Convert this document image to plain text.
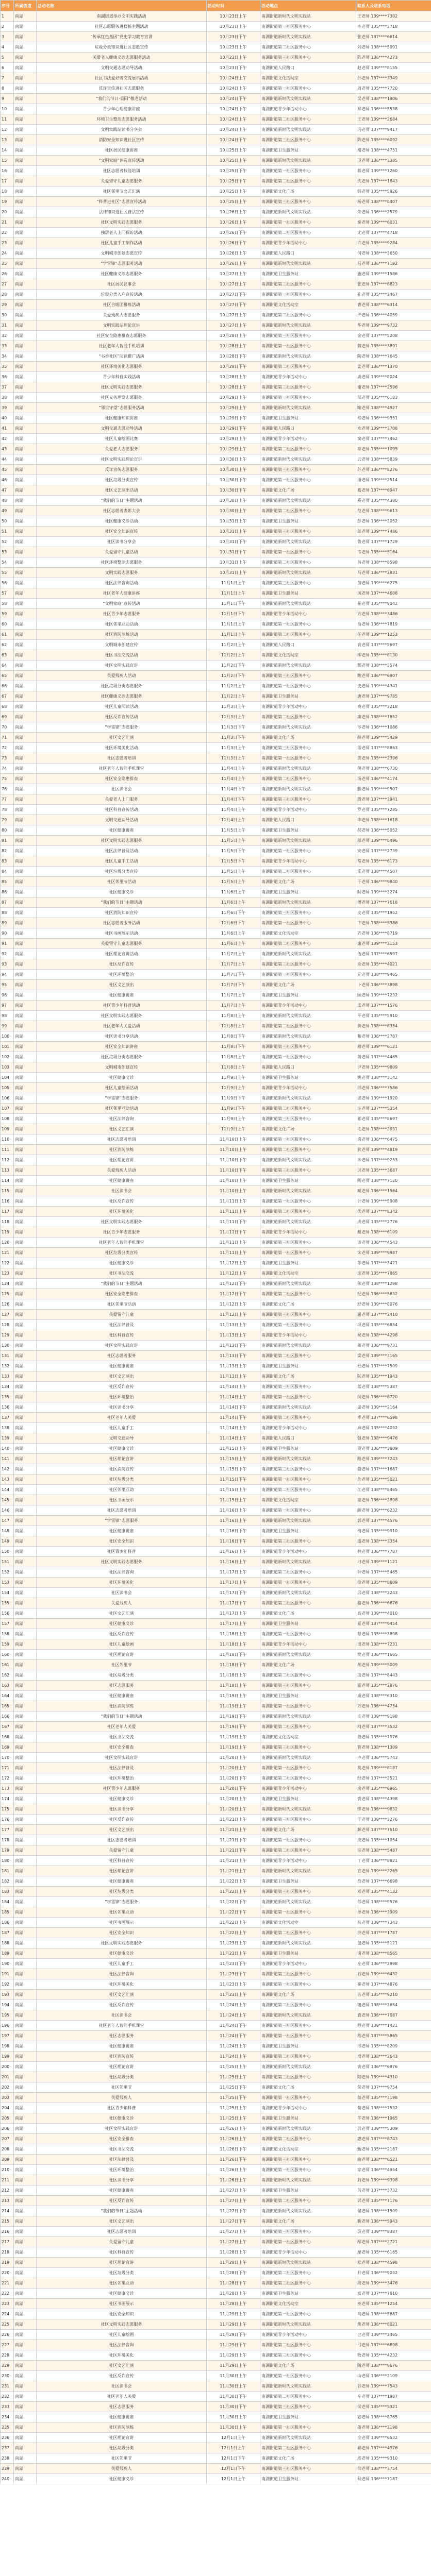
序号	所属街道	活动名称	活动时间	活动地点	联系人及联系电话
1	南湖	南湖街道举办文明实践活动	10月23日上午	南湖街道新时代文明实践站	王老师 139****7302
2	南湖	社区志愿服务进楼栋主题活动	10月23日上午	南湖街道第一社区服务中心	李老师 135****2718
3	南湖	“传承红色基因”党史学习教育宣讲	10月23日下午	南湖街道新时代文明实践站	张老师 137****6614
4	南湖	垃圾分类知识进社区志愿宣传	10月23日上午	南湖街道第二社区服务中心	刘老师 138****5091
5	南湖	关爱老人健康义诊志愿服务活动	10月23日上午	南湖街道第三社区服务中心	陈老师 136****4273
6	南湖	文明交通志愿劝导活动	10月23日下午	南湖街道人民路口	赵老师 139****8155
7	南湖	社区书法爱好者交流展示活动	10月24日上午	南湖街道文化活动室	孙老师 137****3349
8	南湖	反诈宣传进社区志愿服务	10月24日上午	南湖街道第一社区服务中心	周老师 135****7720
9	南湖	“我们的节日·重阳”敬老活动	10月24日下午	南湖街道新时代文明实践站	吴老师 138****1906
10	南湖	青少年心理健康讲座	10月24日下午	南湖街道青少年活动中心	郑老师 136****5538
11	南湖	环境卫生整治志愿服务活动	10月24日上午	南湖街道第二社区服务中心	王老师 139****2684
12	南湖	文明实践站读书分享会	10月24日上午	南湖街道新时代文明实践站	冯老师 137****9417
13	南湖	消防安全知识进社区宣传	10月24日下午	南湖街道第三社区服务中心	陈老师 135****6092
14	南湖	社区居民健康讲座	10月25日上午	南湖街道卫生服务站	褚老师 138****4751
15	南湖	“文明家庭”评选宣传活动	10月25日上午	南湖街道新时代文明实践站	卫老师 136****3385
16	南湖	社区志愿者技能培训	10月25日下午	南湖街道第一社区服务中心	蒋老师 139****7260
17	南湖	关爱留守儿童志愿服务	10月25日下午	南湖街道第二社区服务中心	沈老师 137****1843
18	南湖	社区邻里节文艺汇演	10月25日上午	南湖街道文化广场	韩老师 135****5926
19	南湖	“科普进社区”志愿宣传活动	10月25日上午	南湖街道第三社区服务中心	杨老师 138****8407
20	南湖	法律知识进社区普法宣传	10月26日上午	南湖街道新时代文明实践站	朱老师 136****2579
21	南湖	社区文明实践志愿服务	10月26日上午	南湖街道第一社区服务中心	秦老师 139****6031
22	南湖	独居老人上门探访活动	10月26日下午	南湖街道第二社区服务中心	尤老师 137****4718
23	南湖	社区儿童手工制作活动	10月26日下午	南湖街道青少年活动中心	许老师 135****9284
24	南湖	文明城市创建志愿宣传	10月26日上午	南湖街道人民路口	何老师 138****3650
25	南湖	“学雷锋”志愿服务活动	10月26日上午	南湖街道新时代文明实践站	吕老师 136****7192
26	南湖	社区健康义诊志愿服务	10月27日上午	南湖街道卫生服务站	施老师 139****1586
27	南湖	社区居民议事会	10月27日上午	南湖街道第三社区服务中心	张老师 137****8823
28	南湖	垃圾分类入户宣传活动	10月27日下午	南湖街道第一社区服务中心	孔老师 135****2467
29	南湖	社区合唱团排练活动	10月27日下午	南湖街道文化活动室	曹老师 138****6314
30	南湖	关爱残疾人志愿服务	10月27日上午	南湖街道第二社区服务中心	严老师 136****4059
31	南湖	文明实践站理论宣讲	10月27日上午	南湖街道新时代文明实践站	华老师 139****9732
32	南湖	社区安全隐患排查志愿服务	10月28日上午	南湖街道第三社区服务中心	金老师 137****5208
33	南湖	社区老年人智能手机培训	10月28日上午	南湖街道第一社区服务中心	魏老师 135****3891
34	南湖	“书香社区”阅读推广活动	10月28日下午	南湖街道新时代文明实践站	陶老师 138****7645
35	南湖	社区环境美化志愿服务	10月28日下午	南湖街道第二社区服务中心	姜老师 136****1370
36	南湖	青少年科普实践活动	10月28日上午	南湖街道青少年活动中心	戚老师 139****8024
37	南湖	社区文明实践志愿服务	10月28日上午	南湖街道第三社区服务中心	谢老师 137****2596
38	南湖	社区义务理发志愿服务	10月29日上午	南湖街道第一社区服务中心	邹老师 135****6183
39	南湖	“邻里守望”志愿服务活动	10月29日上午	南湖街道新时代文明实践站	喻老师 138****4927
40	南湖	社区健康知识讲座	10月29日下午	南湖街道卫生服务站	柏老师 136****9351
41	南湖	文明交通志愿劝导活动	10月29日下午	南湖街道人民路口	水老师 139****3708
42	南湖	社区儿童绘画比赛	10月29日上午	南湖街道青少年活动中心	窦老师 137****7462
43	南湖	关爱老人志愿服务	10月29日上午	南湖街道第二社区服务中心	章老师 135****1095
44	南湖	社区文明实践理论宣讲	10月30日上午	南湖街道新时代文明实践站	云老师 138****5839
45	南湖	反诈宣传志愿服务	10月30日上午	南湖街道第三社区服务中心	苏老师 136****8276
46	南湖	社区垃圾分类宣传	10月30日下午	南湖街道第一社区服务中心	潘老师 139****2514
47	南湖	社区文艺演出活动	10月30日下午	南湖街道文化广场	葛老师 137****6947
48	南湖	“我们的节日”主题活动	10月30日上午	南湖街道新时代文明实践站	奚老师 135****4380
49	南湖	社区志愿者表彰大会	10月30日上午	南湖街道第二社区服务中心	范老师 138****9613
50	南湖	社区健康义诊活动	10月31日上午	南湖街道卫生服务站	彭老师 136****3052
51	南湖	社区安全知识宣传	10月31日上午	南湖街道第三社区服务中心	郎老师 139****7486
52	南湖	社区读书分享会	10月31日下午	南湖街道新时代文明实践站	鲁老师 137****1729
53	南湖	关爱留守儿童活动	10月31日下午	南湖街道第一社区服务中心	韦老师 135****5164
54	南湖	社区环境整治志愿服务	10月31日上午	南湖街道第二社区服务中心	昌老师 138****8598
55	南湖	文明实践志愿服务	10月31日上午	南湖街道新时代文明实践站	马老师 136****2831
56	南湖	社区法律咨询活动	11月1日上午	南湖街道第三社区服务中心	苗老师 139****6275
57	南湖	社区老年人健康讲座	11月1日上午	南湖街道卫生服务站	凤老师 137****4608
58	南湖	“文明家庭”宣传活动	11月1日下午	南湖街道新时代文明实践站	花老师 135****9042
59	南湖	社区青少年志愿服务	11月1日下午	南湖街道青少年活动中心	方老师 138****3486
60	南湖	社区邻里互助活动	11月1日上午	南湖街道第一社区服务中心	俞老师 136****7819
61	南湖	社区消防演练活动	11月1日上午	南湖街道第二社区服务中心	任老师 139****1253
62	南湖	文明城市创建宣传	11月2日上午	南湖街道人民路口	袁老师 137****5697
63	南湖	社区书法交流活动	11月2日上午	南湖街道文化活动室	柳老师 135****8130
64	南湖	社区文明实践宣讲	11月2日下午	南湖街道新时代文明实践站	酆老师 138****2574
65	南湖	关爱残疾人活动	11月2日下午	南湖街道第三社区服务中心	鲍老师 136****6907
66	南湖	社区垃圾分类志愿服务	11月2日上午	南湖街道第一社区服务中心	史老师 139****4341
67	南湖	社区健康义诊志愿服务	11月2日上午	南湖街道卫生服务站	唐老师 137****9785
68	南湖	社区儿童阅读活动	11月3日上午	南湖街道青少年活动中心	费老师 135****3218
69	南湖	社区反诈宣传活动	11月3日上午	南湖街道第二社区服务中心	廉老师 138****7652
70	南湖	“学雷锋”志愿服务	11月3日下午	南湖街道新时代文明实践站	岑老师 136****1086
71	南湖	社区文艺汇演	11月3日下午	南湖街道文化广场	薛老师 139****5429
72	南湖	社区环境美化活动	11月3日上午	南湖街道第三社区服务中心	雷老师 137****8863
73	南湖	社区志愿者培训	11月3日上午	南湖街道第一社区服务中心	贺老师 135****2396
74	南湖	社区老年人智能手机课堂	11月4日上午	南湖街道新时代文明实践站	倪老师 138****6730
75	南湖	社区安全隐患排查	11月4日上午	南湖街道第二社区服务中心	汤老师 136****4174
76	南湖	社区读书会	11月4日下午	南湖街道新时代文明实践站	滕老师 139****9507
77	南湖	关爱老人上门服务	11月4日下午	南湖街道第三社区服务中心	殷老师 137****3941
78	南湖	社区科普宣传活动	11月4日上午	南湖街道青少年活动中心	罗老师 135****7285
79	南湖	文明交通劝导活动	11月4日上午	南湖街道人民路口	毕老师 138****1618
80	南湖	社区健康讲座	11月5日上午	南湖街道卫生服务站	郝老师 136****5052
81	南湖	社区文明实践志愿服务	11月5日上午	南湖街道新时代文明实践站	邬老师 139****8496
82	南湖	社区法律普及活动	11月5日下午	南湖街道第一社区服务中心	安老师 137****2739
83	南湖	社区儿童手工活动	11月5日下午	南湖街道青少年活动中心	常老师 135****6173
84	南湖	社区垃圾分类宣传	11月5日上午	南湖街道第二社区服务中心	乐老师 138****4507
85	南湖	社区邻里节活动	11月5日上午	南湖街道文化广场	于老师 136****9840
86	南湖	社区健康义诊	11月6日上午	南湖街道卫生服务站	时老师 139****3274
87	南湖	“我们的节日”主题活动	11月6日上午	南湖街道新时代文明实践站	傅老师 137****7618
88	南湖	社区消防知识宣传	11月6日下午	南湖街道第三社区服务中心	皮老师 135****1952
89	南湖	社区志愿者服务活动	11月6日下午	南湖街道第一社区服务中心	卞老师 138****5386
90	南湖	社区书画展示活动	11月6日上午	南湖街道文化活动室	齐老师 136****8719
91	南湖	关爱留守儿童志愿服务	11月6日上午	南湖街道第二社区服务中心	康老师 139****2153
92	南湖	社区理论宣讲活动	11月7日上午	南湖街道新时代文明实践站	伍老师 137****6597
93	南湖	社区反诈宣传	11月7日上午	南湖街道第三社区服务中心	余老师 135****4021
94	南湖	社区环境整治	11月7日下午	南湖街道第一社区服务中心	元老师 138****9465
95	南湖	社区文艺演出	11月7日下午	南湖街道文化广场	卜老师 136****3898
96	南湖	社区健康讲座	11月7日上午	南湖街道卫生服务站	顾老师 139****7232
97	南湖	社区青少年科普活动	11月7日上午	南湖街道青少年活动中心	孟老师 137****1576
98	南湖	社区文明实践志愿服务	11月8日上午	南湖街道新时代文明实践站	平老师 135****5910
99	南湖	社区老年人关爱活动	11月8日上午	南湖街道第二社区服务中心	黄老师 138****8354
100	南湖	社区读书分享活动	11月8日下午	南湖街道新时代文明实践站	和老师 136****2787
101	南湖	社区安全知识讲座	11月8日下午	南湖街道第三社区服务中心	穆老师 139****6121
102	南湖	社区垃圾分类志愿服务	11月8日上午	南湖街道第一社区服务中心	萧老师 137****4465
103	南湖	文明城市创建宣传	11月8日上午	南湖街道人民路口	尹老师 135****9809
104	南湖	社区健康义诊	11月9日上午	南湖街道卫生服务站	姚老师 138****3142
105	南湖	社区儿童绘画活动	11月9日上午	南湖街道青少年活动中心	邵老师 136****7586
106	南湖	“学雷锋”志愿服务	11月9日下午	南湖街道新时代文明实践站	湛老师 139****1920
107	南湖	社区邻里互助活动	11月9日下午	南湖街道第二社区服务中心	汪老师 137****5354
108	南湖	社区法律咨询	11月9日上午	南湖街道第三社区服务中心	祁老师 135****8697
109	南湖	社区文艺汇演	11月9日上午	南湖街道文化广场	毛老师 138****2031
110	南湖	社区志愿者培训	11月10日上午	南湖街道第一社区服务中心	禹老师 136****6475
111	南湖	社区消防演练	11月10日上午	南湖街道第二社区服务中心	狄老师 139****4819
112	南湖	社区理论宣讲	11月10日下午	南湖街道新时代文明实践站	米老师 137****9253
113	南湖	关爱残疾人活动	11月10日下午	南湖街道第三社区服务中心	贝老师 135****3687
114	南湖	社区健康讲座	11月10日上午	南湖街道卫生服务站	明老师 138****7120
115	南湖	社区读书会	11月10日上午	南湖街道新时代文明实践站	臧老师 136****1564
116	南湖	社区反诈宣传	11月11日上午	南湖街道第一社区服务中心	计老师 139****5908
117	南湖	社区环境美化	11月11日上午	南湖街道第二社区服务中心	伏老师 137****8342
118	南湖	社区文明实践志愿服务	11月11日下午	南湖街道新时代文明实践站	成老师 135****2776
119	南湖	社区青少年志愿服务	11月11日下午	南湖街道青少年活动中心	戴老师 138****6109
120	南湖	社区老年人智能手机课堂	11月11日上午	南湖街道第三社区服务中心	谈老师 136****4543
121	南湖	社区垃圾分类宣传	11月11日上午	南湖街道第一社区服务中心	宋老师 139****9987
122	南湖	社区健康义诊	11月12日上午	南湖街道卫生服务站	茅老师 137****3421
123	南湖	社区书法交流	11月12日上午	南湖街道文化活动室	庞老师 135****7865
124	南湖	“我们的节日”主题活动	11月12日下午	南湖街道新时代文明实践站	熊老师 138****1298
125	南湖	社区安全隐患排查	11月12日下午	南湖街道第二社区服务中心	纪老师 136****5632
126	南湖	社区邻里节活动	11月12日上午	南湖街道文化广场	舒老师 139****8076
127	南湖	关爱留守儿童	11月12日上午	南湖街道第三社区服务中心	屈老师 137****2410
128	南湖	社区法律普及	11月13日上午	南湖街道第一社区服务中心	项老师 135****6854
129	南湖	社区科普宣传	11月13日上午	南湖街道青少年活动中心	祝老师 138****4298
130	南湖	社区文明实践宣讲	11月13日下午	南湖街道新时代文明实践站	董老师 136****9731
131	南湖	社区志愿者服务	11月13日下午	南湖街道第二社区服务中心	梁老师 139****3165
132	南湖	社区健康讲座	11月13日上午	南湖街道卫生服务站	杜老师 137****7509
133	南湖	社区文艺演出	11月13日上午	南湖街道文化广场	阮老师 135****1943
134	南湖	社区反诈宣传	11月14日上午	南湖街道第三社区服务中心	蓝老师 138****5387
135	南湖	社区环境整治	11月14日上午	南湖街道第一社区服务中心	闵老师 136****8720
136	南湖	社区读书分享	11月14日下午	南湖街道新时代文明实践站	席老师 139****2164
137	南湖	社区老年人关爱	11月14日下午	南湖街道第二社区服务中心	季老师 137****6598
138	南湖	社区儿童手工	11月14日上午	南湖街道青少年活动中心	麻老师 135****4032
139	南湖	文明交通劝导	11月14日上午	南湖街道人民路口	强老师 138****9476
140	南湖	社区健康义诊	11月15日上午	南湖街道卫生服务站	贾老师 136****3809
141	南湖	社区理论宣讲	11月15日上午	南湖街道新时代文明实践站	路老师 139****7243
142	南湖	社区消防宣传	11月15日下午	南湖街道第三社区服务中心	娄老师 137****1687
143	南湖	社区垃圾分类	11月15日下午	南湖街道第一社区服务中心	危老师 135****5021
144	南湖	社区邻里互助	11月15日上午	南湖街道第二社区服务中心	江老师 138****8465
145	南湖	社区书画展示	11月15日上午	南湖街道文化活动室	童老师 136****2898
146	南湖	社区志愿者培训	11月16日上午	南湖街道第一社区服务中心	颜老师 139****6232
147	南湖	“学雷锋”志愿服务	11月16日上午	南湖街道新时代文明实践站	郭老师 137****4576
148	南湖	社区健康讲座	11月16日下午	南湖街道卫生服务站	梅老师 135****9910
149	南湖	社区安全知识	11月16日下午	南湖街道第三社区服务中心	盛老师 138****3354
150	南湖	社区青少年科普	11月16日上午	南湖街道青少年活动中心	林老师 136****7787
151	南湖	社区文明实践志愿服务	11月16日上午	南湖街道新时代文明实践站	刁老师 139****1121
152	南湖	社区法律咨询	11月17日上午	南湖街道第二社区服务中心	钟老师 137****5465
153	南湖	社区环境美化	11月17日上午	南湖街道第一社区服务中心	徐老师 135****8809
154	南湖	社区读书会	11月17日下午	南湖街道新时代文明实践站	邱老师 138****2243
155	南湖	关爱残疾人	11月17日下午	南湖街道第三社区服务中心	骆老师 136****6676
156	南湖	社区文艺汇演	11月17日上午	南湖街道文化广场	高老师 139****4010
157	南湖	社区健康义诊	11月17日上午	南湖街道卫生服务站	夏老师 137****9454
158	南湖	社区反诈宣传	11月18日上午	南湖街道第一社区服务中心	蔡老师 135****3898
159	南湖	社区儿童绘画	11月18日上午	南湖街道青少年活动中心	田老师 138****7231
160	南湖	社区理论宣讲	11月18日下午	南湖街道新时代文明实践站	樊老师 136****1665
161	南湖	社区邻里节	11月18日下午	南湖街道文化广场	胡老师 139****5009
162	南湖	社区垃圾分类	11月18日上午	南湖街道第二社区服务中心	凌老师 137****8443
163	南湖	社区志愿服务	11月18日上午	南湖街道第三社区服务中心	霍老师 135****2876
164	南湖	社区健康讲座	11月19日上午	南湖街道卫生服务站	虞老师 138****6310
165	南湖	社区消防演练	11月19日上午	南湖街道第一社区服务中心	万老师 136****4754
166	南湖	“我们的节日”主题活动	11月19日下午	南湖街道新时代文明实践站	支老师 139****9198
167	南湖	社区老年人关爱	11月19日下午	南湖街道第二社区服务中心	柯老师 137****3532
168	南湖	社区书法交流	11月19日上午	南湖街道文化活动室	昝老师 135****7976
169	南湖	社区安全排查	11月19日上午	南湖街道第三社区服务中心	管老师 138****1309
170	南湖	社区文明实践宣讲	11月20日上午	南湖街道新时代文明实践站	卢老师 136****5743
171	南湖	社区法律普及	11月20日上午	南湖街道第一社区服务中心	莫老师 139****8187
172	南湖	社区环境整治	11月20日下午	南湖街道第二社区服务中心	经老师 137****2521
173	南湖	社区青少年志愿服务	11月20日下午	南湖街道青少年活动中心	房老师 135****6965
174	南湖	社区健康义诊	11月20日上午	南湖街道卫生服务站	裘老师 138****4398
175	南湖	社区读书分享	11月20日上午	南湖街道新时代文明实践站	缪老师 136****9832
176	南湖	社区反诈宣传	11月21日上午	南湖街道第三社区服务中心	干老师 139****3276
177	南湖	社区文艺演出	11月21日上午	南湖街道文化广场	解老师 137****7610
178	南湖	社区志愿者培训	11月21日下午	南湖街道第一社区服务中心	应老师 135****1054
179	南湖	关爱留守儿童	11月21日下午	南湖街道第二社区服务中心	宗老师 138****5487
180	南湖	社区科普宣传	11月21日上午	南湖街道青少年活动中心	丁老师 136****8821
181	南湖	社区理论宣讲	11月21日上午	南湖街道新时代文明实践站	宣老师 139****2265
182	南湖	社区健康讲座	11月22日上午	南湖街道卫生服务站	贲老师 137****6698
183	南湖	社区垃圾分类	11月22日上午	南湖街道第三社区服务中心	邓老师 135****4132
184	南湖	“学雷锋”志愿服务	11月22日下午	南湖街道新时代文明实践站	郁老师 138****9576
185	南湖	社区邻里互助	11月22日下午	南湖街道第一社区服务中心	单老师 136****3909
186	南湖	社区书画展示	11月22日上午	南湖街道文化活动室	杭老师 139****7343
187	南湖	社区安全知识	11月22日上午	南湖街道第二社区服务中心	洪老师 137****1787
188	南湖	社区文明实践志愿服务	11月23日上午	南湖街道新时代文明实践站	包老师 135****5121
189	南湖	社区健康义诊	11月23日上午	南湖街道卫生服务站	诸老师 138****8565
190	南湖	社区儿童手工	11月23日下午	南湖街道青少年活动中心	左老师 136****2998
191	南湖	社区法律咨询	11月23日下午	南湖街道第三社区服务中心	石老师 139****6432
192	南湖	社区环境美化	11月23日上午	南湖街道第一社区服务中心	崔老师 137****4876
193	南湖	社区文艺汇演	11月23日上午	南湖街道文化广场	吉老师 135****9210
194	南湖	社区反诈宣传	11月24日上午	南湖街道第二社区服务中心	钮老师 138****3654
195	南湖	社区读书会	11月24日上午	南湖街道新时代文明实践站	龚老师 136****7087
196	南湖	社区老年人智能手机课堂	11月24日下午	南湖街道第三社区服务中心	程老师 139****1421
197	南湖	社区志愿服务	11月24日下午	南湖街道第一社区服务中心	嵇老师 137****5865
198	南湖	社区健康讲座	11月24日上午	南湖街道卫生服务站	邢老师 135****8209
199	南湖	社区消防宣传	11月24日上午	南湖街道第二社区服务中心	滑老师 138****2643
200	南湖	社区理论宣讲	11月25日上午	南湖街道新时代文明实践站	裴老师 136****6976
201	南湖	社区垃圾分类	11月25日上午	南湖街道第三社区服务中心	陆老师 139****4310
202	南湖	社区邻里节	11月25日下午	南湖街道文化广场	荣老师 137****9754
203	南湖	关爱残疾人	11月25日下午	南湖街道第一社区服务中心	翁老师 135****3198
204	南湖	社区青少年科普	11月25日上午	南湖街道青少年活动中心	荀老师 138****7532
205	南湖	社区健康义诊	11月25日上午	南湖街道卫生服务站	羊老师 136****1965
206	南湖	社区文明实践宣讲	11月26日上午	南湖街道新时代文明实践站	於老师 139****5309
207	南湖	社区安全排查	11月26日上午	南湖街道第二社区服务中心	惠老师 137****8743
208	南湖	社区书法交流	11月26日下午	南湖街道文化活动室	甄老师 135****2187
209	南湖	社区法律普及	11月26日下午	南湖街道第三社区服务中心	曲老师 138****6521
210	南湖	社区环境整治	11月26日上午	南湖街道第一社区服务中心	家老师 136****4954
211	南湖	社区读书分享	11月26日上午	南湖街道新时代文明实践站	封老师 139****9398
212	南湖	社区健康讲座	11月27日上午	南湖街道卫生服务站	芮老师 137****3732
213	南湖	社区反诈宣传	11月27日上午	南湖街道第二社区服务中心	羿老师 135****7176
214	南湖	“我们的节日”主题活动	11月27日下午	南湖街道新时代文明实践站	储老师 138****1509
215	南湖	社区文艺演出	11月27日下午	南湖街道文化广场	靳老师 136****5943
216	南湖	社区志愿者培训	11月27日上午	南湖街道第三社区服务中心	汲老师 139****8387
217	南湖	关爱留守儿童	11月27日上午	南湖街道第一社区服务中心	邴老师 137****2721
218	南湖	社区科普宣传	11月28日上午	南湖街道青少年活动中心	糜老师 135****6165
219	南湖	社区理论宣讲	11月28日上午	南湖街道新时代文明实践站	松老师 138****4598
220	南湖	社区垃圾分类	11月28日下午	南湖街道第二社区服务中心	井老师 136****9032
221	南湖	社区邻里互助	11月28日下午	南湖街道第三社区服务中心	段老师 139****3476
222	南湖	社区健康义诊	11月28日上午	南湖街道卫生服务站	富老师 137****7810
223	南湖	社区书画展示	11月28日上午	南湖街道文化活动室	巫老师 135****1254
224	南湖	社区安全知识	11月29日上午	南湖街道第一社区服务中心	乌老师 138****5687
225	南湖	社区文明实践志愿服务	11月29日上午	南湖街道新时代文明实践站	焦老师 136****8021
226	南湖	社区儿童绘画	11月29日下午	南湖街道青少年活动中心	巴老师 139****2465
227	南湖	社区法律咨询	11月29日下午	南湖街道第二社区服务中心	弓老师 137****6898
228	南湖	社区环境美化	11月29日上午	南湖街道第三社区服务中心	牧老师 135****4232
229	南湖	社区文艺汇演	11月29日上午	南湖街道文化广场	隗老师 138****9676
230	南湖	社区反诈宣传	11月30日上午	南湖街道第一社区服务中心	山老师 136****3109
231	南湖	社区读书会	11月30日上午	南湖街道新时代文明实践站	谷老师 139****7543
232	南湖	社区老年人关爱	11月30日下午	南湖街道第二社区服务中心	车老师 137****1987
233	南湖	社区志愿服务	11月30日下午	南湖街道第三社区服务中心	侯老师 135****5321
234	南湖	社区健康讲座	11月30日上午	南湖街道卫生服务站	宓老师 138****8765
235	南湖	社区消防演练	11月30日上午	南湖街道第一社区服务中心	蓬老师 136****2198
236	南湖	社区理论宣讲	12月1日上午	南湖街道新时代文明实践站	全老师 139****6532
237	南湖	社区垃圾分类	12月1日上午	南湖街道第二社区服务中心	郗老师 137****4976
238	南湖	社区邻里节	12月1日下午	南湖街道文化广场	班老师 135****9310
239	南湖	关爱残疾人	12月1日下午	南湖街道第三社区服务中心	仰老师 138****3754
240	南湖	社区健康义诊	12月1日上午	南湖街道卫生服务站	秋老师 136****7187
